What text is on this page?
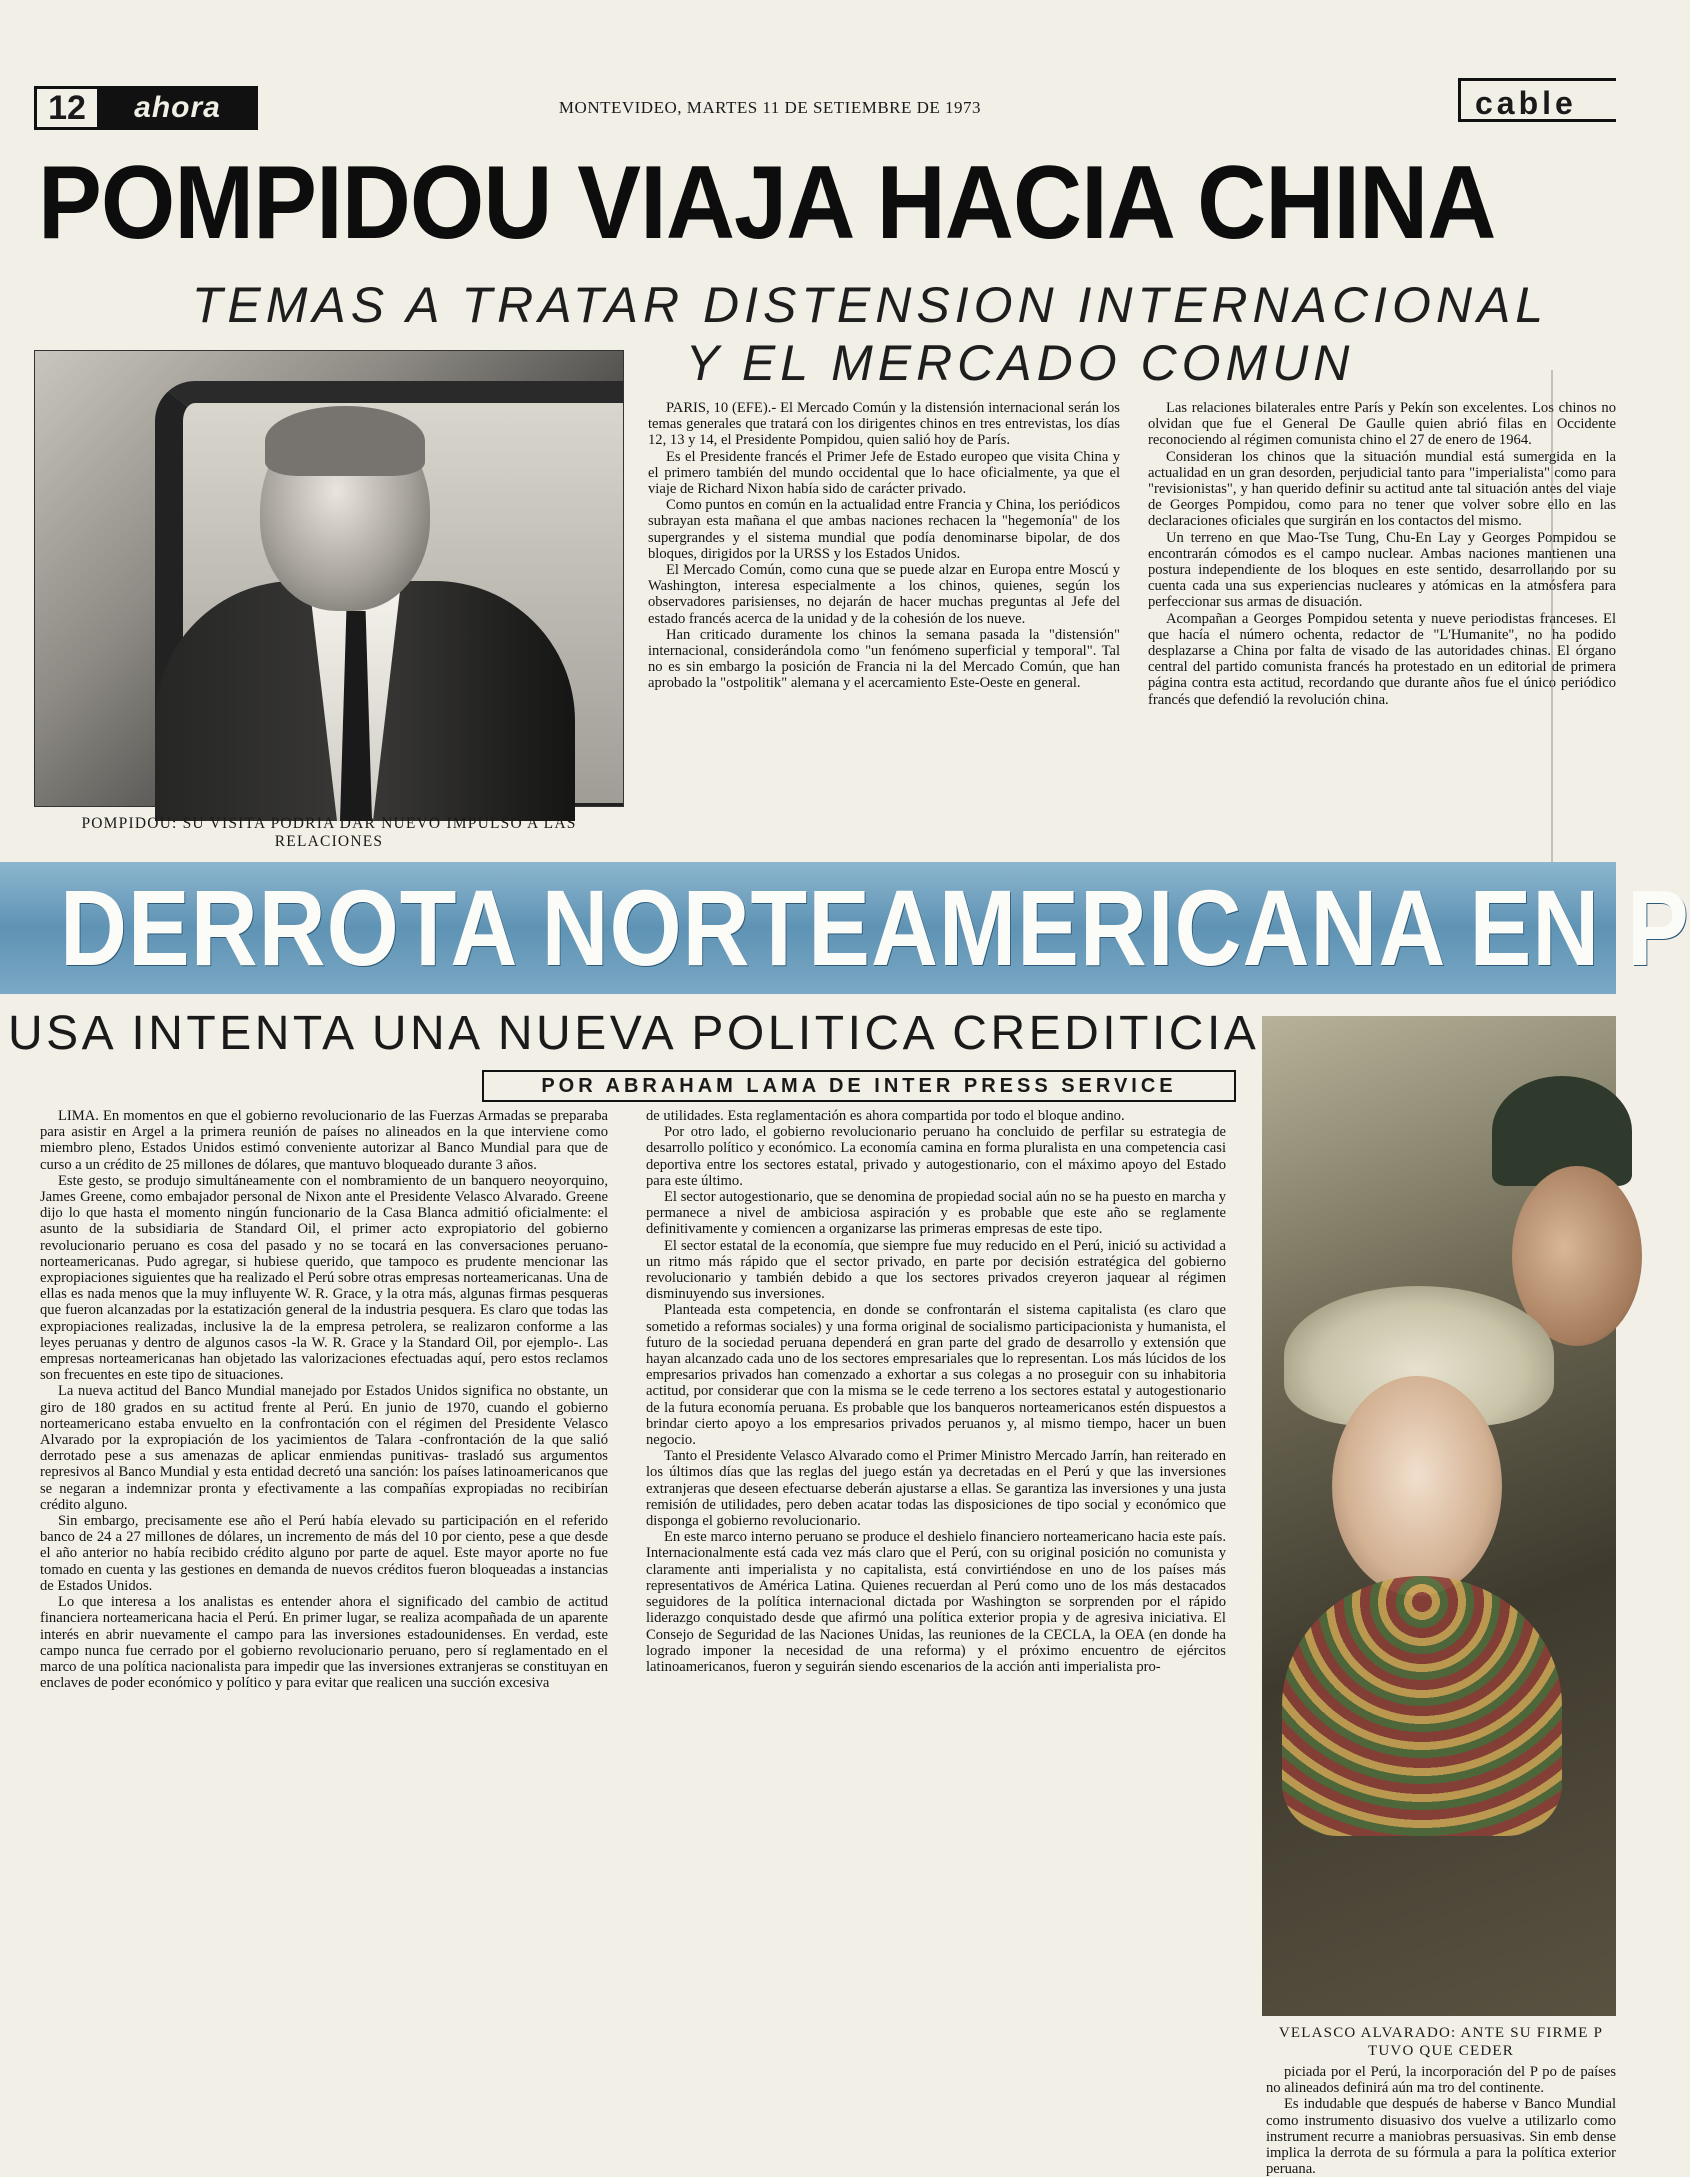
12	ahora	MONTEVIDEO, MARTES 11 DE SETIEMBRE DE 1973	cable
POMPIDOU VIAJA HACIA CHINA
TEMAS A TRATAR DISTENSION INTERNACIONAL
Y EL MERCADO COMUN
POMPIDOU: SU VISITA PODRIA DAR NUEVO IMPULSO A LAS RELACIONES

PARIS, 10 (EFE).- El Mercado Común y la distensión internacional serán los temas generales que tratará con los dirigentes chinos en tres entrevistas, los días 12, 13 y 14, el Presidente Pompidou, quien salió hoy de París.

Es el Presidente francés el Primer Jefe de Estado europeo que visita China y el primero también del mundo occidental que lo hace oficialmente, ya que el viaje de Richard Nixon había sido de carácter privado.

Como puntos en común en la actualidad entre Francia y China, los periódicos subrayan esta mañana el que ambas naciones rechacen la "hegemonía" de los supergrandes y el sistema mundial que podía denominarse bipolar, de dos bloques, dirigidos por la URSS y los Estados Unidos.

El Mercado Común, como cuna que se puede alzar en Europa entre Moscú y Washington, interesa especialmente a los chinos, quienes, según los observadores parisienses, no dejarán de hacer muchas preguntas al Jefe del estado francés acerca de la unidad y de la cohesión de los nueve.

Han criticado duramente los chinos la semana pasada la "distensión" internacional, considerándola como "un fenómeno superficial y temporal". Tal no es sin embargo la posición de Francia ni la del Mercado Común, que han aprobado la "ostpolitik" alemana y el acercamiento Este-Oeste en general.

Las relaciones bilaterales entre París y Pekín son excelentes. Los chinos no olvidan que fue el General De Gaulle quien abrió filas en Occidente reconociendo al régimen comunista chino el 27 de enero de 1964.

Consideran los chinos que la situación mundial está sumergida en la actualidad en un gran desorden, perjudicial tanto para "imperialista" como para "revisionistas", y han querido definir su actitud ante tal situación antes del viaje de Georges Pompidou, como para no tener que volver sobre ello en las declaraciones oficiales que surgirán en los contactos del mismo.

Un terreno en que Mao-Tse Tung, Chu-En Lay y Georges Pompidou se encontrarán cómodos es el campo nuclear. Ambas naciones mantienen una postura independiente de los bloques en este sentido, desarrollando por su cuenta cada una sus experiencias nucleares y atómicas en la atmósfera para perfeccionar sus armas de disuación.

Acompañan a Georges Pompidou setenta y nueve periodistas franceses. El que hacía el número ochenta, redactor de "L'Humanite", no ha podido desplazarse a China por falta de visado de las autoridades chinas. El órgano central del partido comunista francés ha protestado en un editorial de primera página contra esta actitud, recordando que durante años fue el único periódico francés que defendió la revolución china.

DERROTA NORTEAMERICANA EN P
USA INTENTA UNA NUEVA POLITICA CREDITICIA
POR ABRAHAM LAMA DE INTER PRESS SERVICE

LIMA. En momentos en que el gobierno revolucionario de las Fuerzas Armadas se preparaba para asistir en Argel a la primera reunión de países no alineados en la que interviene como miembro pleno, Estados Unidos estimó conveniente autorizar al Banco Mundial para que de curso a un crédito de 25 millones de dólares, que mantuvo bloqueado durante 3 años.

Este gesto, se produjo simultáneamente con el nombramiento de un banquero neoyorquino, James Greene, como embajador personal de Nixon ante el Presidente Velasco Alvarado. Greene dijo lo que hasta el momento ningún funcionario de la Casa Blanca admitió oficialmente: el asunto de la subsidiaria de Standard Oil, el primer acto expropiatorio del gobierno revolucionario peruano es cosa del pasado y no se tocará en las conversaciones peruano-norteamericanas. Pudo agregar, si hubiese querido, que tampoco es prudente mencionar las expropiaciones siguientes que ha realizado el Perú sobre otras empresas norteamericanas. Una de ellas es nada menos que la muy influyente W. R. Grace, y la otra más, algunas firmas pesqueras que fueron alcanzadas por la estatización general de la industria pesquera. Es claro que todas las expropiaciones realizadas, inclusive la de la empresa petrolera, se realizaron conforme a las leyes peruanas y dentro de algunos casos -la W. R. Grace y la Standard Oil, por ejemplo-. Las empresas norteamericanas han objetado las valorizaciones efectuadas aquí, pero estos reclamos son frecuentes en este tipo de situaciones.

La nueva actitud del Banco Mundial manejado por Estados Unidos significa no obstante, un giro de 180 grados en su actitud frente al Perú. En junio de 1970, cuando el gobierno norteamericano estaba envuelto en la confrontación con el régimen del Presidente Velasco Alvarado por la expropiación de los yacimientos de Talara -confrontación de la que salió derrotado pese a sus amenazas de aplicar enmiendas punitivas- trasladó sus argumentos represivos al Banco Mundial y esta entidad decretó una sanción: los países latinoamericanos que se negaran a indemnizar pronta y efectivamente a las compañías expropiadas no recibirían crédito alguno.

Sin embargo, precisamente ese año el Perú había elevado su participación en el referido banco de 24 a 27 millones de dólares, un incremento de más del 10 por ciento, pese a que desde el año anterior no había recibido crédito alguno por parte de aquel. Este mayor aporte no fue tomado en cuenta y las gestiones en demanda de nuevos créditos fueron bloqueadas a instancias de Estados Unidos.

Lo que interesa a los analistas es entender ahora el significado del cambio de actitud financiera norteamericana hacia el Perú. En primer lugar, se realiza acompañada de un aparente interés en abrir nuevamente el campo para las inversiones estadounidenses. En verdad, este campo nunca fue cerrado por el gobierno revolucionario peruano, pero sí reglamentado en el marco de una política nacionalista para impedir que las inversiones extranjeras se constituyan en enclaves de poder económico y político y para evitar que realicen una succión excesiva

de utilidades. Esta reglamentación es ahora compartida por todo el bloque andino.

Por otro lado, el gobierno revolucionario peruano ha concluido de perfilar su estrategia de desarrollo político y económico. La economía camina en forma pluralista en una competencia casi deportiva entre los sectores estatal, privado y autogestionario, con el máximo apoyo del Estado para este último.

El sector autogestionario, que se denomina de propiedad social aún no se ha puesto en marcha y permanece a nivel de ambiciosa aspiración y es probable que este año se reglamente definitivamente y comiencen a organizarse las primeras empresas de este tipo.

El sector estatal de la economía, que siempre fue muy reducido en el Perú, inició su actividad a un ritmo más rápido que el sector privado, en parte por decisión estratégica del gobierno revolucionario y también debido a que los sectores privados creyeron jaquear al régimen disminuyendo sus inversiones.

Planteada esta competencia, en donde se confrontarán el sistema capitalista (es claro que sometido a reformas sociales) y una forma original de socialismo participacionista y humanista, el futuro de la sociedad peruana dependerá en gran parte del grado de desarrollo y extensión que hayan alcanzado cada uno de los sectores empresariales que lo representan. Los más lúcidos de los empresarios privados han comenzado a exhortar a sus colegas a no proseguir con su inhabitoria actitud, por considerar que con la misma se le cede terreno a los sectores estatal y autogestionario de la futura economía peruana. Es probable que los banqueros norteamericanos estén dispuestos a brindar cierto apoyo a los empresarios privados peruanos y, al mismo tiempo, hacer un buen negocio.

Tanto el Presidente Velasco Alvarado como el Primer Ministro Mercado Jarrín, han reiterado en los últimos días que las reglas del juego están ya decretadas en el Perú y que las inversiones extranjeras que deseen efectuarse deberán ajustarse a ellas. Se garantiza las inversiones y una justa remisión de utilidades, pero deben acatar todas las disposiciones de tipo social y económico que disponga el gobierno revolucionario.

En este marco interno peruano se produce el deshielo financiero norteamericano hacia este país. Internacionalmente está cada vez más claro que el Perú, con su original posición no comunista y claramente anti imperialista y no capitalista, está convirtiéndose en uno de los países más representativos de América Latina. Quienes recuerdan al Perú como uno de los más destacados seguidores de la política internacional dictada por Washington se sorprenden por el rápido liderazgo conquistado desde que afirmó una política exterior propia y de agresiva iniciativa. El Consejo de Seguridad de las Naciones Unidas, las reuniones de la CECLA, la OEA (en donde ha logrado imponer la necesidad de una reforma) y el próximo encuentro de ejércitos latinoamericanos, fueron y seguirán siendo escenarios de la acción anti imperialista pro-

VELASCO ALVARADO: ANTE SU FIRME P TUVO QUE CEDER

piciada por el Perú, la incorporación del P po de países no alineados definirá aún ma tro del continente.

Es indudable que después de haberse v Banco Mundial como instrumento disuasivo dos vuelve a utilizarlo como instrument recurre a maniobras persuasivas. Sin emb dense implica la derrota de su fórmula a para la política exterior peruana.
